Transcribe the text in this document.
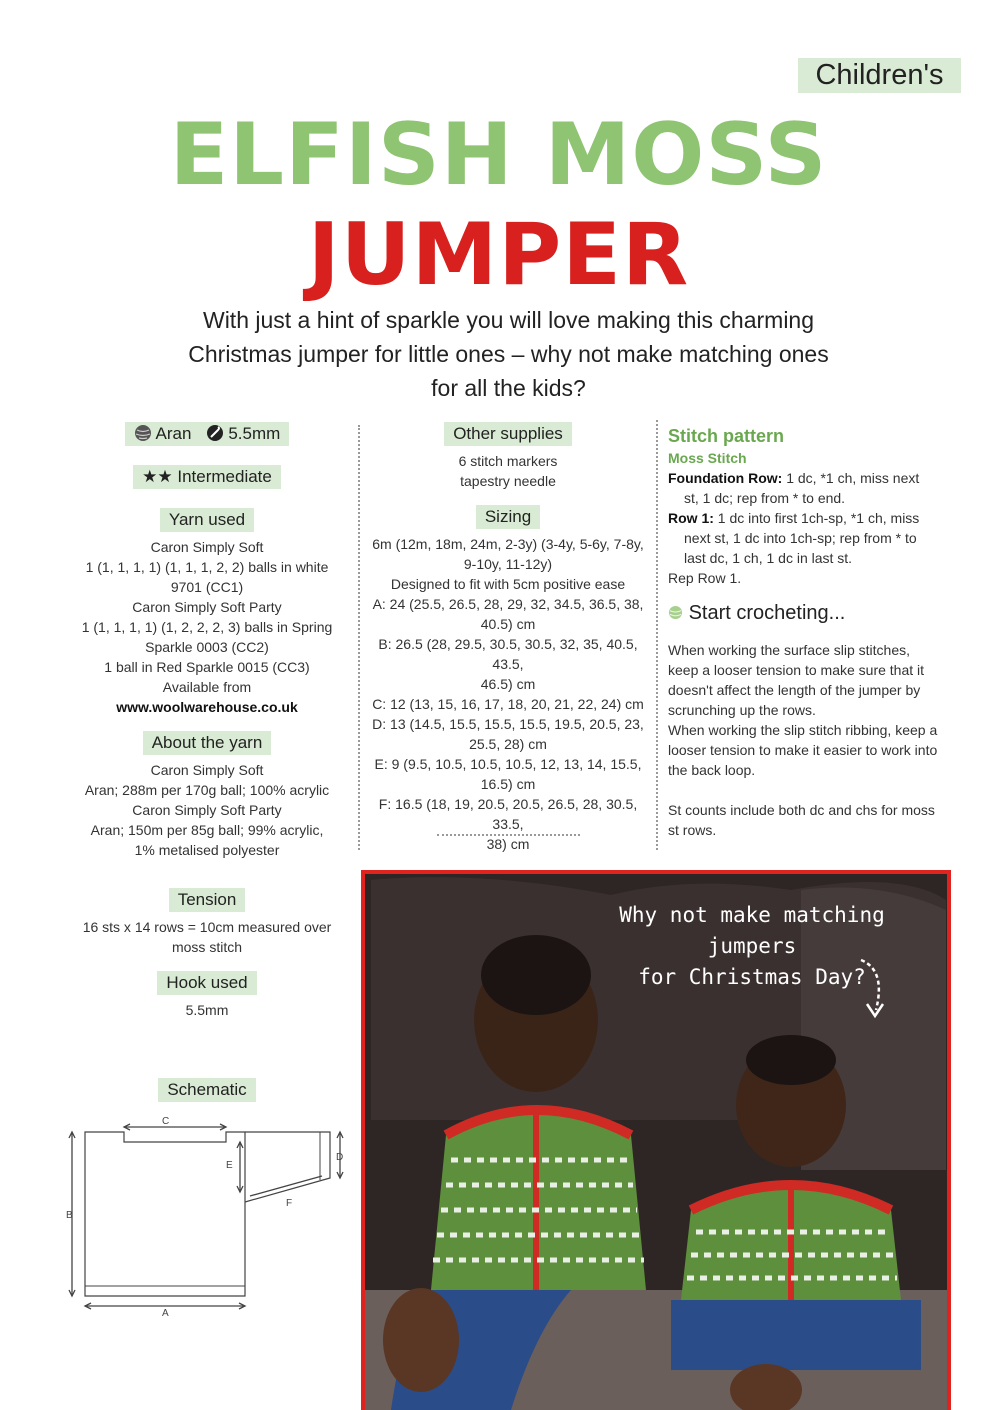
Children's
ELFISH MOSS
JUMPER
With just a hint of sparkle you will love making this charming Christmas jumper for little ones – why not make matching ones for all the kids?
Aran 5.5mm
★★ Intermediate
Yarn used
Caron Simply Soft
1 (1, 1, 1, 1) (1, 1, 1, 2, 2) balls in white
9701 (CC1)
Caron Simply Soft Party
1 (1, 1, 1, 1) (1, 2, 2, 2, 3) balls in Spring
Sparkle 0003 (CC2)
1 ball in Red Sparkle 0015 (CC3)
Available from
www.woolwarehouse.co.uk
About the yarn
Caron Simply Soft
Aran; 288m per 170g ball; 100% acrylic
Caron Simply Soft Party
Aran; 150m per 85g ball; 99% acrylic,
1% metalised polyester
Tension
16 sts x 14 rows = 10cm measured over
moss stitch
Hook used
5.5mm
Schematic
B
A
C
E
D
F
Other supplies
6 stitch markers
tapestry needle
Sizing
6m (12m, 18m, 24m, 2-3y) (3-4y, 5-6y, 7-8y,
9-10y, 11-12y)
Designed to fit with 5cm positive ease
A: 24 (25.5, 26.5, 28, 29, 32, 34.5, 36.5, 38,
40.5) cm
B: 26.5 (28, 29.5, 30.5, 30.5, 32, 35, 40.5, 43.5,
46.5) cm
C: 12 (13, 15, 16, 17, 18, 20, 21, 22, 24) cm
D: 13 (14.5, 15.5, 15.5, 15.5, 19.5, 20.5, 23,
25.5, 28) cm
E: 9 (9.5, 10.5, 10.5, 10.5, 12, 13, 14, 15.5,
16.5) cm
F: 16.5 (18, 19, 20.5, 20.5, 26.5, 28, 30.5, 33.5,
38) cm
Stitch pattern
Moss Stitch

Foundation Row: 1 dc, *1 ch, miss next

st, 1 dc; rep from * to end.

Row 1: 1 dc into first 1ch-sp, *1 ch, miss

next st, 1 dc into 1ch-sp; rep from * to

last dc, 1 ch, 1 dc in last st.

Rep Row 1.

Start crocheting...

When working the surface slip stitches,

keep a looser tension to make sure that it

doesn't affect the length of the jumper by

scrunching up the rows.

When working the slip stitch ribbing, keep a

looser tension to make it easier to work into

the back loop.

St counts include both dc and chs for moss

st rows.

Why not make matching jumpers
for Christmas Day?
